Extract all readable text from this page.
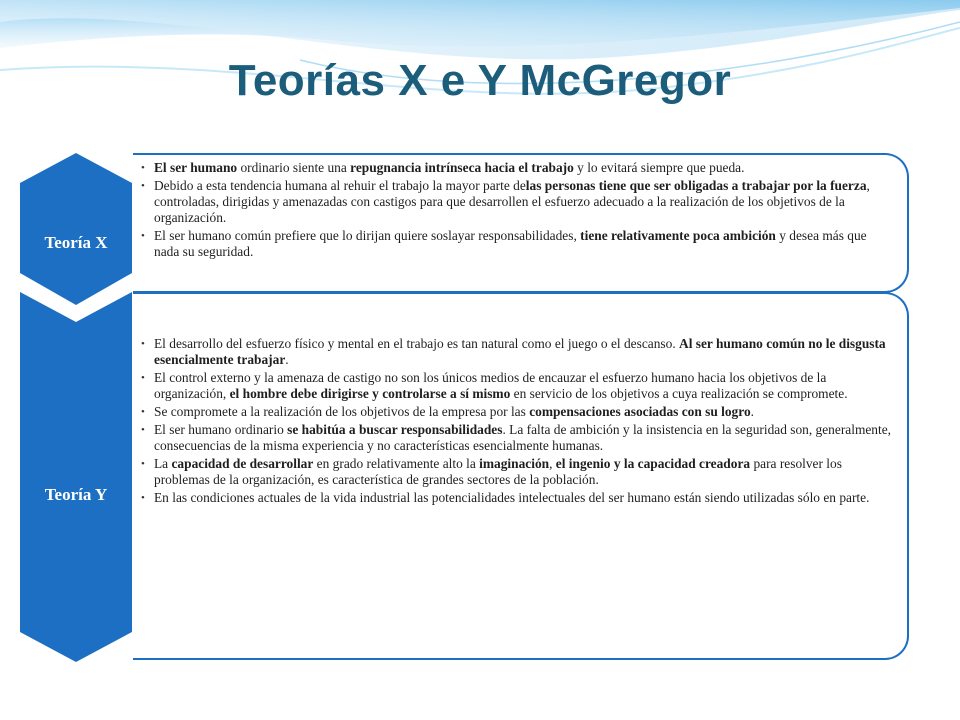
Teorías X e Y McGregor
• El ser humano ordinario siente una repugnancia intrínseca hacia el trabajo y lo evitará siempre que pueda.
• Debido a esta tendencia humana al rehuir el trabajo la mayor parte delas personas tiene que ser obligadas a trabajar por la fuerza, controladas, dirigidas y amenazadas con castigos para que desarrollen el esfuerzo adecuado a la realización de los objetivos de la organización.
• El ser humano común prefiere que lo dirijan quiere soslayar responsabilidades, tiene relativamente poca ambición y desea más que nada su seguridad.
Teoría X
• El desarrollo del esfuerzo físico y mental en el trabajo es tan natural como el juego o el descanso. Al ser humano común no le disgusta esencialmente trabajar.
• El control externo y la amenaza de castigo no son los únicos medios de encauzar el esfuerzo humano hacia los objetivos de la organización, el hombre debe dirigirse y controlarse a sí mismo en servicio de los objetivos a cuya realización se compromete.
• Se compromete a la realización de los objetivos de la empresa por las compensaciones asociadas con su logro.
• El ser humano ordinario se habitúa a buscar responsabilidades. La falta de ambición y la insistencia en la seguridad son, generalmente, consecuencias de la misma experiencia y no características esencialmente humanas.
• La capacidad de desarrollar en grado relativamente alto la imaginación, el ingenio y la capacidad creadora para resolver los problemas de la organización, es característica de grandes sectores de la población.
• En las condiciones actuales de la vida industrial las potencialidades intelectuales del ser humano están siendo utilizadas sólo en parte.
Teoría Y
